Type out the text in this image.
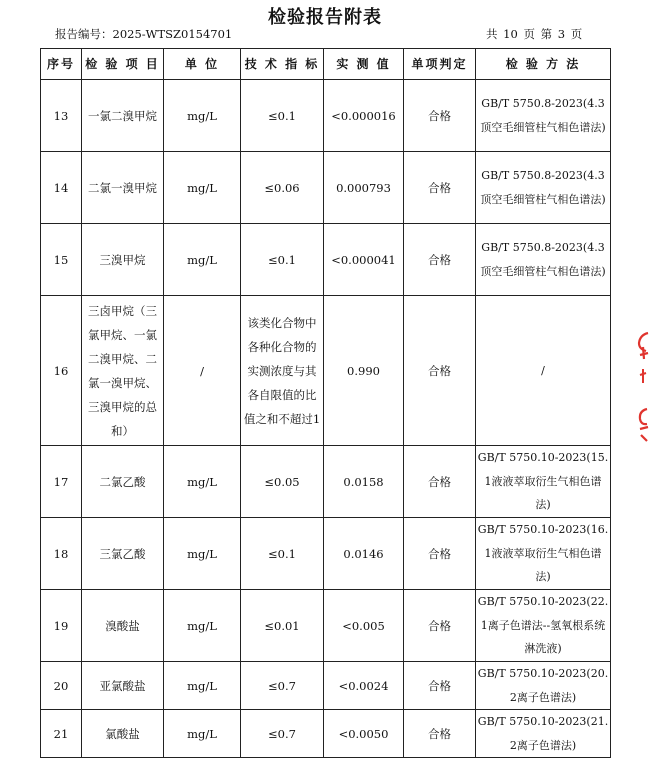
检验报告附表
报告编号：2025-WTSZ0154701	共 10 页 第 3 页
序号	检 验 项 目	单 位	技 术 指 标	实 测 值	单项判定	检 验 方 法
13	一氯二溴甲烷	mg/L	≤0.1	<0.000016	合格	GB/T 5750.8-2023(4.3顶空毛细管柱气相色谱法)
14	二氯一溴甲烷	mg/L	≤0.06	0.000793	合格	GB/T 5750.8-2023(4.3顶空毛细管柱气相色谱法)
15	三溴甲烷	mg/L	≤0.1	<0.000041	合格	GB/T 5750.8-2023(4.3顶空毛细管柱气相色谱法)
16	三卤甲烷（三氯甲烷、一氯二溴甲烷、二氯一溴甲烷、三溴甲烷的总和）	/	该类化合物中各种化合物的实测浓度与其各自限值的比值之和不超过1	0.990	合格	/
17	二氯乙酸	mg/L	≤0.05	0.0158	合格	GB/T 5750.10-2023(15.1液液萃取衍生气相色谱法)
18	三氯乙酸	mg/L	≤0.1	0.0146	合格	GB/T 5750.10-2023(16.1液液萃取衍生气相色谱法)
19	溴酸盐	mg/L	≤0.01	<0.005	合格	GB/T 5750.10-2023(22.1离子色谱法--氢氧根系统淋洗液)
20	亚氯酸盐	mg/L	≤0.7	<0.0024	合格	GB/T 5750.10-2023(20.2离子色谱法)
21	氯酸盐	mg/L	≤0.7	<0.0050	合格	GB/T 5750.10-2023(21.2离子色谱法)
